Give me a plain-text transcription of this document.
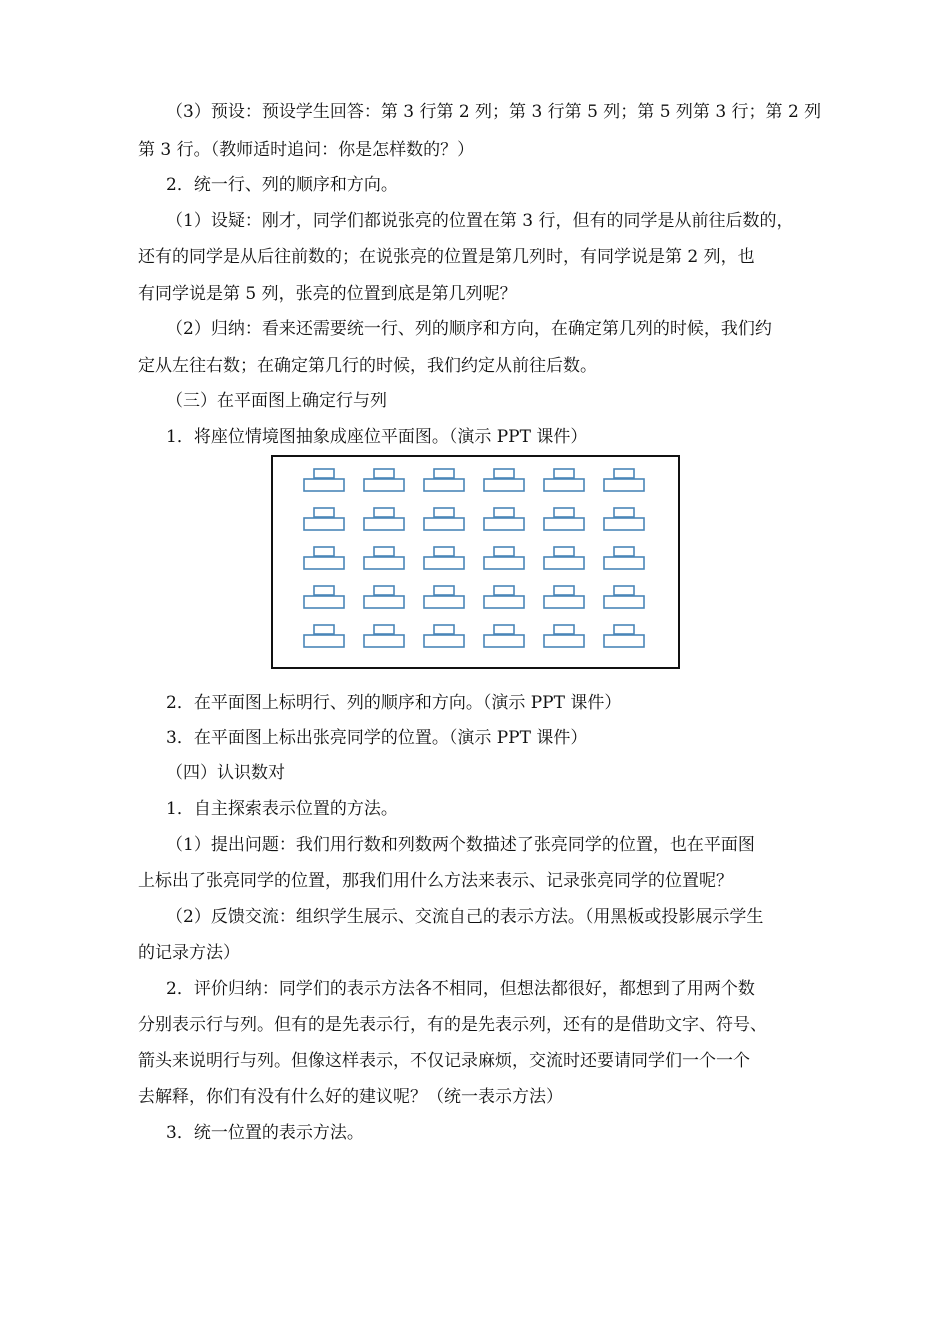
（3）预设：预设学生回答：第 3 行第 2 列；第 3 行第 5 列；第 5 列第 3 行；第 2 列
第 3 行。（教师适时追问：你是怎样数的？）
2．统一行、列的顺序和方向。
（1）设疑：刚才，同学们都说张亮的位置在第 3 行，但有的同学是从前往后数的，
还有的同学是从后往前数的；在说张亮的位置是第几列时，有同学说是第 2 列，也
有同学说是第 5 列，张亮的位置到底是第几列呢？
（2）归纳：看来还需要统一行、列的顺序和方向，在确定第几列的时候，我们约
定从左往右数；在确定第几行的时候，我们约定从前往后数。
（三）在平面图上确定行与列
1．将座位情境图抽象成座位平面图。（演示 PPT 课件）
2．在平面图上标明行、列的顺序和方向。（演示 PPT 课件）
3．在平面图上标出张亮同学的位置。（演示 PPT 课件）
（四）认识数对
1．自主探索表示位置的方法。
（1）提出问题：我们用行数和列数两个数描述了张亮同学的位置，也在平面图
上标出了张亮同学的位置，那我们用什么方法来表示、记录张亮同学的位置呢？
（2）反馈交流：组织学生展示、交流自己的表示方法。（用黑板或投影展示学生
的记录方法）
2．评价归纳：同学们的表示方法各不相同，但想法都很好，都想到了用两个数
分别表示行与列。但有的是先表示行，有的是先表示列，还有的是借助文字、符号、
箭头来说明行与列。但像这样表示，不仅记录麻烦，交流时还要请同学们一个一个
去解释，你们有没有什么好的建议呢？（统一表示方法）
3．统一位置的表示方法。
